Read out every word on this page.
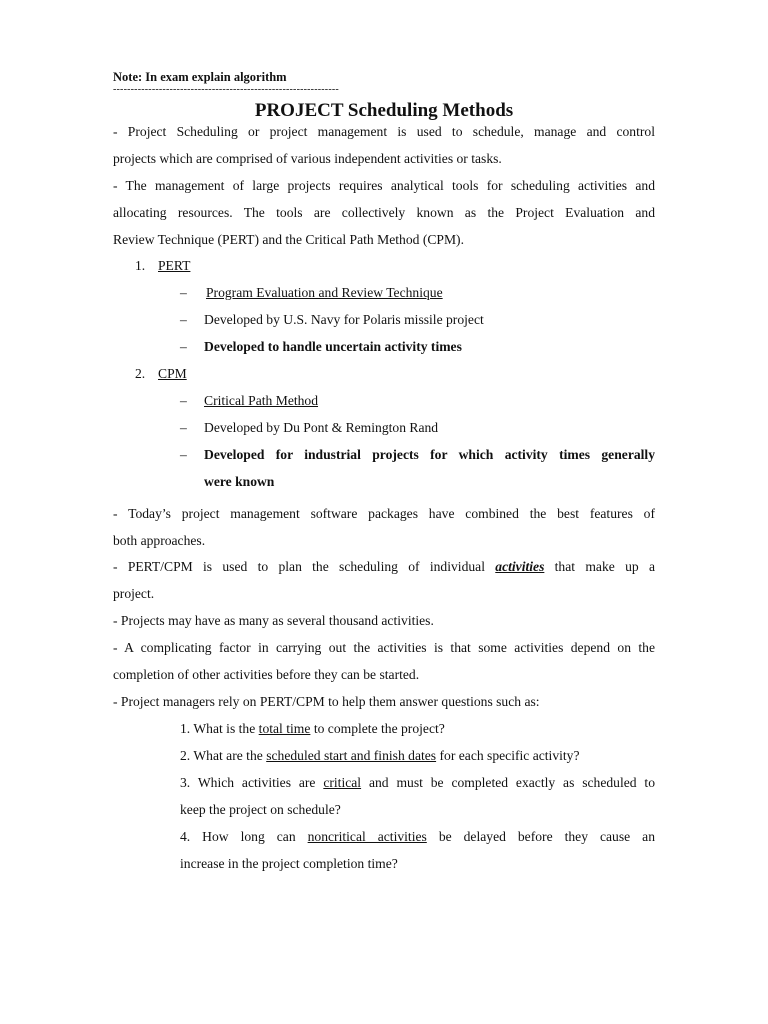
Note: In exam explain algorithm
----------------------------------------------------------------
PROJECT Scheduling Methods
- Project Scheduling or project management is used to schedule, manage and control
projects which are comprised of various independent activities or tasks.
- The management of large projects requires analytical tools for scheduling activities and
allocating resources. The tools are collectively known as the Project Evaluation and
Review Technique (PERT) and the Critical Path Method (CPM).
1. PERT
– Program Evaluation and Review Technique
– Developed by U.S. Navy for Polaris missile project
– Developed to handle uncertain activity times
2. CPM
– Critical Path Method
– Developed by Du Pont & Remington Rand
– Developed for industrial projects for which activity times generally
were known
- Today’s project management software packages have combined the best features of
both approaches.
- PERT/CPM is used to plan the scheduling of individual activities that make up a
project.
- Projects may have as many as several thousand activities.
- A complicating factor in carrying out the activities is that some activities depend on the
completion of other activities before they can be started.
- Project managers rely on PERT/CPM to help them answer questions such as:
1. What is the total time to complete the project?
2. What are the scheduled start and finish dates for each specific activity?
3. Which activities are critical and must be completed exactly as scheduled to
keep the project on schedule?
4. How long can noncritical activities be delayed before they cause an
increase in the project completion time?
